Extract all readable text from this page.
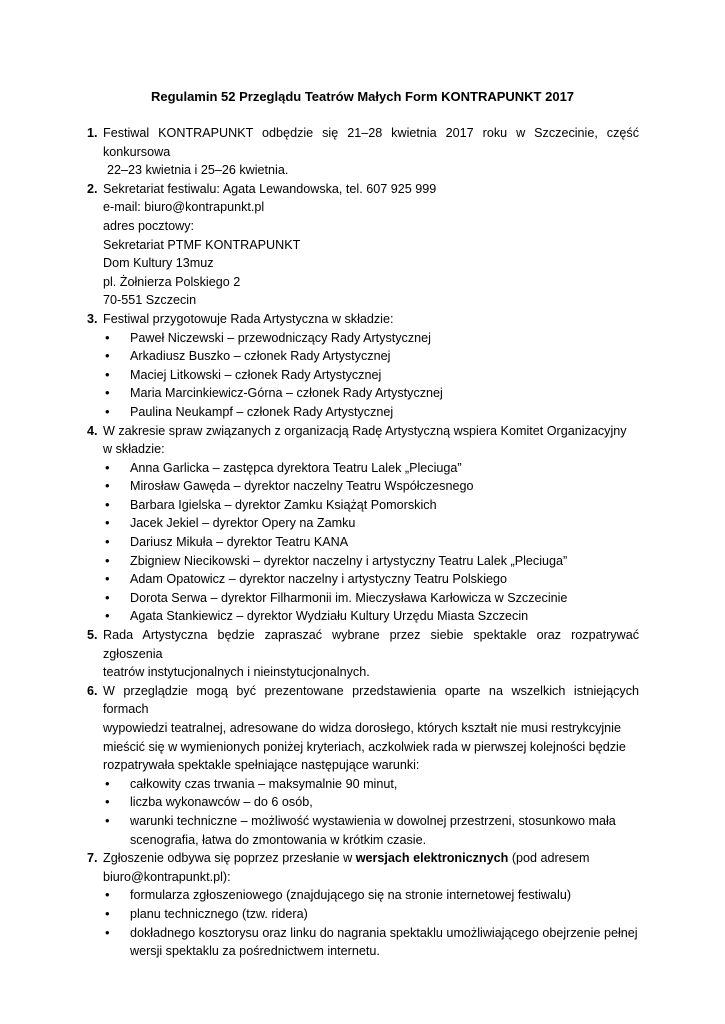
Regulamin 52 Przeglądu Teatrów Małych Form KONTRAPUNKT 2017
1. Festiwal KONTRAPUNKT odbędzie się 21–28 kwietnia 2017 roku w Szczecinie, część konkursowa
22–23 kwietnia i 25–26 kwietnia.
2. Sekretariat festiwalu: Agata Lewandowska, tel. 607 925 999
e-mail: biuro@kontrapunkt.pl
adres pocztowy:
Sekretariat PTMF KONTRAPUNKT
Dom Kultury 13muz
pl. Żołnierza Polskiego 2
70-551 Szczecin
3. Festiwal przygotowuje Rada Artystyczna w składzie:
• Paweł Niczewski – przewodniczący Rady Artystycznej
• Arkadiusz Buszko – członek Rady Artystycznej
• Maciej Litkowski – członek Rady Artystycznej
• Maria Marcinkiewicz-Górna – członek Rady Artystycznej
• Paulina Neukampf – członek Rady Artystycznej
4. W zakresie spraw związanych z organizacją Radę Artystyczną wspiera Komitet Organizacyjny
w składzie:
• Anna Garlicka – zastępca dyrektora Teatru Lalek „Pleciuga”
• Mirosław Gawęda – dyrektor naczelny Teatru Współczesnego
• Barbara Igielska – dyrektor Zamku Książąt Pomorskich
• Jacek Jekiel – dyrektor Opery na Zamku
• Dariusz Mikuła – dyrektor Teatru KANA
• Zbigniew Niecikowski – dyrektor naczelny i artystyczny Teatru Lalek „Pleciuga”
• Adam Opatowicz – dyrektor naczelny i artystyczny Teatru Polskiego
• Dorota Serwa – dyrektor Filharmonii im. Mieczysława Karłowicza w Szczecinie
• Agata Stankiewicz – dyrektor Wydziału Kultury Urzędu Miasta Szczecin
5. Rada Artystyczna będzie zapraszać wybrane przez siebie spektakle oraz rozpatrywać zgłoszenia
teatrów instytucjonalnych i nieinstytucjonalnych.
6. W przeglądzie mogą być prezentowane przedstawienia oparte na wszelkich istniejących formach
wypowiedzi teatralnej, adresowane do widza dorosłego, których kształt nie musi restrykcyjnie
mieścić się w wymienionych poniżej kryteriach, aczkolwiek rada w pierwszej kolejności będzie
rozpatrywała spektakle spełniające następujące warunki:
• całkowity czas trwania – maksymalnie 90 minut,
• liczba wykonawców – do 6 osób,
• warunki techniczne – możliwość wystawienia w dowolnej przestrzeni, stosunkowo mała
scenografia, łatwa do zmontowania w krótkim czasie.
7. Zgłoszenie odbywa się poprzez przesłanie w wersjach elektronicznych (pod adresem
biuro@kontrapunkt.pl):
• formularza zgłoszeniowego (znajdującego się na stronie internetowej festiwalu)
• planu technicznego (tzw. ridera)
• dokładnego kosztorysu oraz linku do nagrania spektaklu umożliwiającego obejrzenie pełnej
wersji spektaklu za pośrednictwem internetu.
